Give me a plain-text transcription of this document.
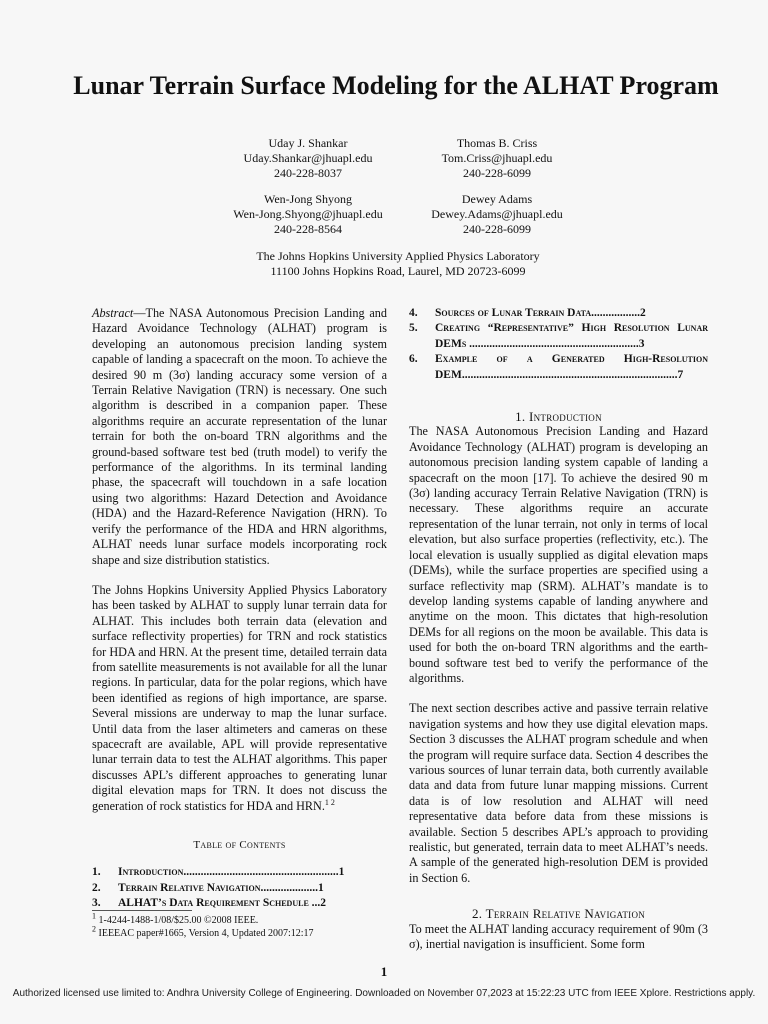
Lunar Terrain Surface Modeling for the ALHAT Program
Uday J. Shankar
Uday.Shankar@jhuapl.edu
240-228-8037
Thomas B. Criss
Tom.Criss@jhuapl.edu
240-228-6099
Wen-Jong Shyong
Wen-Jong.Shyong@jhuapl.edu
240-228-8564
Dewey Adams
Dewey.Adams@jhuapl.edu
240-228-6099
The Johns Hopkins University Applied Physics Laboratory
11100 Johns Hopkins Road, Laurel, MD 20723-6099

Abstract—The NASA Autonomous Precision Landing and Hazard Avoidance Technology (ALHAT) program is developing an autonomous precision landing system capable of landing a spacecraft on the moon. To achieve the desired 90 m (3σ) landing accuracy some version of a Terrain Relative Navigation (TRN) is necessary. One such algorithm is described in a companion paper. These algorithms require an accurate representation of the lunar terrain for both the on-board TRN algorithms and the ground-based software test bed (truth model) to verify the performance of the algorithms. In its terminal landing phase, the spacecraft will touchdown in a safe location using two algorithms: Hazard Detection and Avoidance (HDA) and the Hazard-Reference Navigation (HRN). To verify the performance of the HDA and HRN algorithms, ALHAT needs lunar surface models incorporating rock shape and size distribution statistics.

The Johns Hopkins University Applied Physics Laboratory has been tasked by ALHAT to supply lunar terrain data for ALHAT. This includes both terrain data (elevation and surface reflectivity properties) for TRN and rock statistics for HDA and HRN. At the present time, detailed terrain data from satellite measurements is not available for all the lunar regions. In particular, data for the polar regions, which have been identified as regions of high importance, are sparse. Several missions are underway to map the lunar surface. Until data from the laser altimeters and cameras on these spacecraft are available, APL will provide representative lunar terrain data to test the ALHAT algorithms. This paper discusses APL’s different approaches to generating lunar digital elevation maps for TRN. It does not discuss the generation of rock statistics for HDA and HRN.$^{1 2}$

Table of Contents

1.	Introduction......................................................1
2.	Terrain Relative Navigation....................1
3.	ALHAT’s Data Requirement Schedule ...2
$^1$ 1-4244-1488-1/08/$25.00 ©2008 IEEE.
$^2$ IEEEAC paper#1665, Version 4, Updated 2007:12:17
4.	Sources of Lunar Terrain Data.................2
5.	Creating “Representative” High Resolution Lunar DEMs ...........................................................3
6.	Example of a Generated High-Resolution DEM...........................................................................7

1. Introduction

The NASA Autonomous Precision Landing and Hazard Avoidance Technology (ALHAT) program is developing an autonomous precision landing system capable of landing a spacecraft on the moon [17]. To achieve the desired 90 m (3σ) landing accuracy Terrain Relative Navigation (TRN) is necessary. These algorithms require an accurate representation of the lunar terrain, not only in terms of local elevation, but also surface properties (reflectivity, etc.). The local elevation is usually supplied as digital elevation maps (DEMs), while the surface properties are specified using a surface reflectivity map (SRM). ALHAT’s mandate is to develop landing systems capable of landing anywhere and anytime on the moon. This dictates that high-resolution DEMs for all regions on the moon be available. This data is used for both the on-board TRN algorithms and the earth-bound software test bed to verify the performance of the algorithms.

The next section describes active and passive terrain relative navigation systems and how they use digital elevation maps. Section 3 discusses the ALHAT program schedule and when the program will require surface data. Section 4 describes the various sources of lunar terrain data, both currently available data and data from future lunar mapping missions. Current data is of low resolution and ALHAT will need representative data before data from these missions is available. Section 5 describes APL’s approach to providing realistic, but generated, terrain data to meet ALHAT’s needs. A sample of the generated high-resolution DEM is provided in Section 6.

2. Terrain Relative Navigation

To meet the ALHAT landing accuracy requirement of 90m (3 σ), inertial navigation is insufficient. Some form

1
Authorized licensed use limited to: Andhra University College of Engineering. Downloaded on November 07,2023 at 15:22:23 UTC from IEEE Xplore. Restrictions apply.
